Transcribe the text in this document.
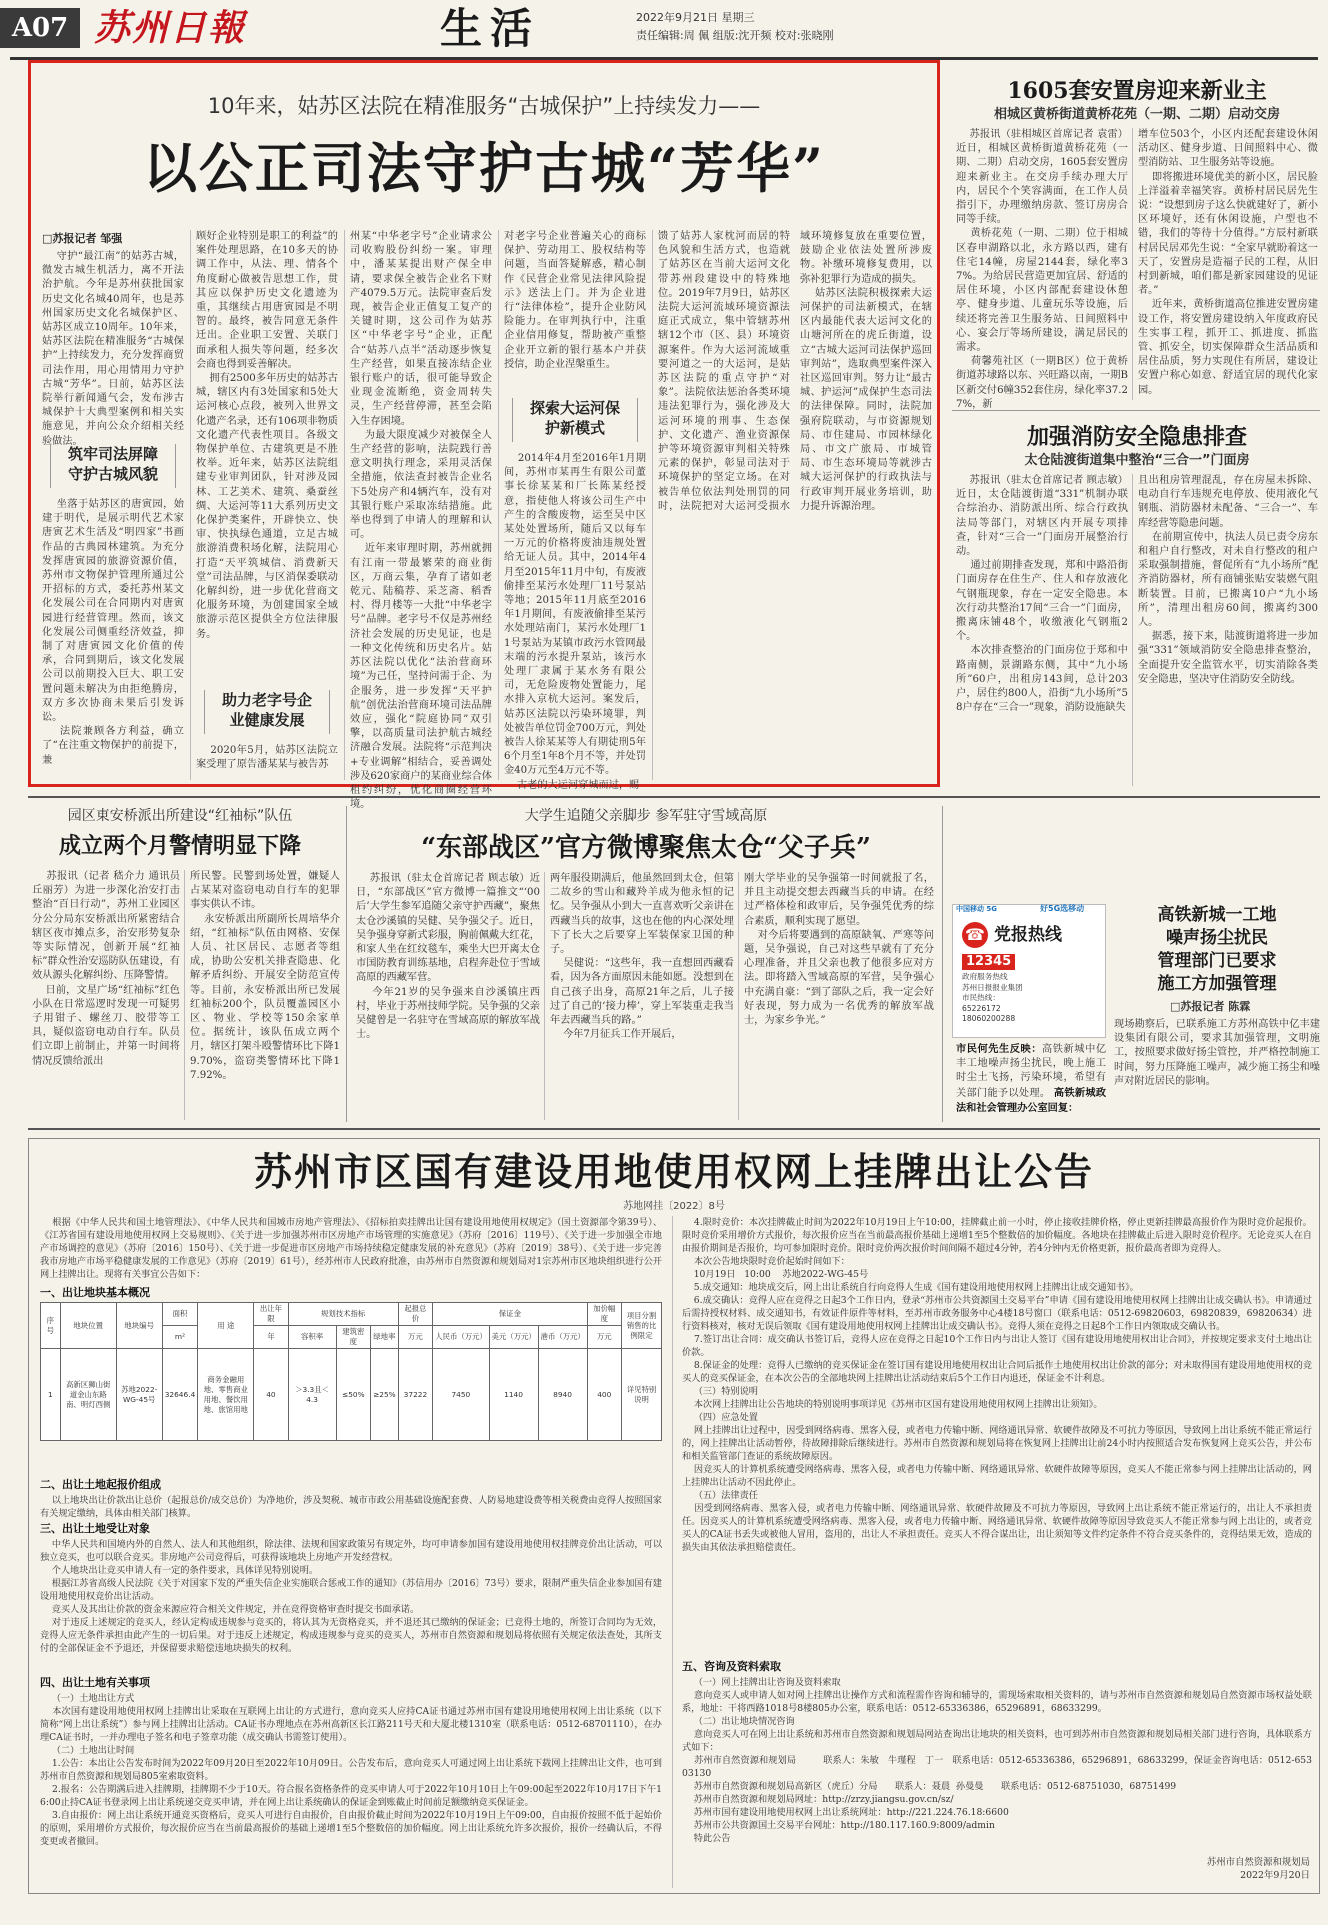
A07 苏州日報	生活	2022年9月21日 星期三
责任编辑:周 佩 组版:沈开频 校对:张晓刚
10年来，姑苏区法院在精准服务“古城保护”上持续发力——
以公正司法守护古城“芳华”
□苏报记者 邹强
守护“最江南”的姑苏古城，微发古城生机活力，离不开法治护航。今年是苏州获批国家历史文化名城40周年，也是苏州国家历史文化名城保护区、姑苏区成立10周年。10年来，姑苏区法院在精准服务“古城保护”上持续发力，充分发挥商贸司法作用，用心用情用力守护古城“芳华”。日前，姑苏区法院举行新闻通气会，发布涉古城保护十大典型案例和相关实施意见，并向公众介绍相关经验做法。
筑牢司法屏障
守护古城风貌
坐落于姑苏区的唐寅园，始建于明代，是展示明代艺术家唐寅艺术生活及“明四家”书画作品的古典园林建筑。为充分发挥唐寅园的旅游资源价值，苏州市文物保护管理所通过公开招标的方式，委托苏州某文化发展公司在合同期内对唐寅园进行经营管理。然而，该文化发展公司侧重经济效益，抑制了对唐寅园文化价值的传承，合同到期后，该文化发展公司以前期投入巨大、职工安置问题未解决为由拒绝腾房，双方多次协商未果后引发诉讼。
法院兼顾各方利益，确立了“在注重文物保护的前提下，兼
顾好企业特别是职工的利益”的案件处理思路，在10多天的协调工作中，从法、理、情各个角度耐心做被告思想工作，贯其应以保护历史文化遗迹为重，其继续占用唐寅园是不明智的。最终，被告同意无条件迁出。企业职工安置、关联门面承租人损失等问题，经多次会商也得到妥善解决。
拥有2500多年历史的姑苏古城，辖区内有3处国家和5处大运河核心点段，被列入世界文化遗产名录，还有106项非物质文化遗产代表性项目。各级文物保护单位、古建筑更是不胜枚举。近年来，姑苏区法院组建专业审判团队，针对涉及园林、工艺美术、建筑、桑蚕丝绸、大运河等11大系列历史文化保护类案件，开辟快立、快审、快执绿色通道，立足古城旅游消费积场化解，法院用心打造“天平筑城信、消费新天堂”司法品牌，与区消保委联动化解纠纷，进一步优化营商文化服务环境，为创建国家全域旅游示范区提供全方位法律服务。
助力老字号企
业健康发展
2020年5月，姑苏区法院立案受理了原告潘某某与被告苏
州某“中华老字号”企业请求公司收购股份纠纷一案。审理中，潘某某提出财产保全申请，要求保全被告企业名下财产4079.5万元。法院审查后发现，被告企业正值复工复产的关键时期，这公司作为姑苏区“中华老字号”企业，正配合“姑苏八点半”活动逐步恢复生产经营，如果直接冻结企业银行账户的话，很可能导致企业现金流断绝，资金周转失灵，生产经营停滞，甚至会陷入生存困境。
为最大限度减少对被保全人生产经营的影响，法院践行善意文明执行理念，采用灵活保全措施，依法查封被告企业名下5处房产和4辆汽车，没有对其银行账户采取冻结措施。此举也得到了申请人的理解和认可。
近年来审理时期，苏州就拥有江南一带最繁荣的商业街区，万商云集，孕育了诸如老乾元、陆稿荐、采芝斋、稻香村、得月楼等一大批“中华老字号”品牌。老字号不仅是苏州经济社会发展的历史见证，也是一种文化传统和历史名片。姑苏区法院以优化“法治营商环境”为己任，坚持问需于企、为企服务，进一步发挥“天平护航”创优法治营商环境司法品牌效应，强化“院庭协同”双引擎，以高质量司法护航古城经济融合发展。法院将“示范判决+专业调解”相结合，妥善调处涉及620家商户的某商业综合体租约纠纷，优化商圈经营环境。
对老字号企业普遍关心的商标保护、劳动用工、股权结构等问题，当面答疑解惑，精心制作《民营企业常见法律风险提示》送法上门。并为企业进行“法律体检”，提升企业防风险能力。在审判执行中，注重企业信用修复，帮助被产重整企业开立新的银行基本户并获授信，助企业涅槃重生。
探索大运河保
护新模式
2014年4月至2016年1月期间，苏州市某再生有限公司董事长徐某某和厂长陈某经授意，指使他人将该公司生产中产生的含酸废物，运至吴中区某处处置场所，随后又以每车一万元的价格将废油违规处置给无证人员。其中，2014年4月至2015年11月中旬，有废液偷排至某污水处理厂11号泵站等地；2015年11月底至2016年1月期间，有废液偷排至某污水处理站南门，某污水处理厂11号泵站为某镇市政污水管网最末端的污水提升泵站，该污水处理厂隶属于某水务有限公司，无危险废物处置能力，尾水排入京杭大运河。案发后，姑苏区法院以污染环境罪，判处被告单位罚金700万元，判处被告人徐某某等人有期徒刑5年6个月至1年8个月不等，并处罚金40万元至4万元不等。
古老的大运河穿城而过，赐
馈了姑苏人家枕河而居的特色风貌和生活方式，也造就了姑苏区在当前大运河文化带苏州段建设中的特殊地位。2019年7月9日，姑苏区法院大运河流域环境资源法庭正式成立，集中管辖苏州辖12个市（区、县）环境资源案件。作为大运河流域重要河道之一的大运河，是姑苏区法院的重点守护“对象”。法院依法惩治各类环境违法犯罪行为，强化涉及大运河环境的刑事、生态保护、文化遗产、渔业资源保护等环境资源审判相关特殊元素的保护，彰显司法对于环境保护的坚定立场。在对被告单位依法判处刑罚的同时，法院把对大运河受损水域环境修复放在重要位置，鼓励企业依法处置所涉废物。补缴环境修复费用，以弥补犯罪行为造成的损失。
姑苏区法院积极探索大运河保护的司法新模式，在辖区内最能代表大运河文化的山塘河所在的虎丘街道，设立“古城大运河司法保护巡回审判站”，选取典型案件深入社区巡回审判。努力让“最古城、护运河”成保护生态司法的法律保障。同时，法院加强府院联动，与市资源规划局、市住建局、市园林绿化局、市文广旅局、市城管局、市生态环境局等就涉古城大运河保护的行政执法与行政审判开展业务培训，助力提升诉源治理。
1605套安置房迎来新业主
相城区黄桥街道黄桥花苑（一期、二期）启动交房
苏报讯（驻相城区首席记者 袁雷）近日，相城区黄桥街道黄桥花苑（一期、二期）启动交房，1605套安置房迎来新业主。在交房手续办理大厅内，居民个个笑容满面，在工作人员指引下，办理缴纳房款、签订房房合同等手续。
黄桥花苑（一期、二期）位于相城区春申湖路以北，永方路以西，建有住宅14幢，房屋2144套，绿化率37%。为给居民营造更加宜居、舒适的居住环境，小区内部配套建设休憩亭、健身步道、儿童玩乐等设施，后续还将完善卫生服务站、日间照料中心、宴会厅等场所建设，满足居民的需求。
荷馨苑社区（一期B区）位于黄桥街道苏埭路以东、兴旺路以南，一期B区新交付6幢352套住房，绿化率37.27%，新
增车位503个，小区内还配套建设休闲活动区、健身步道、日间照料中心、微型消防站、卫生服务站等设施。
即将搬进环境优美的新小区，居民脸上洋溢着幸福笑容。黄桥村居民居先生说：“设想到房子这么快就建好了，新小区环境好，还有休闲设施，户型也不错，我们的等待十分值得。”方辰村新联村居民居邓先生说：“全家早就盼着这一天了，安置房是造福子民的工程，从旧村到新城，咱们都是新家园建设的见证者。”
近年来，黄桥街道高位推进安置房建设工作，将安置房建设纳入年度政府民生实事工程，抓开工、抓进度、抓监管、抓安全，切实保障群众生活品质和居住品质，努力实现住有所居，建设让安置户称心如意、舒适宜居的现代化家园。
加强消防安全隐患排查
太仓陆渡街道集中整治“三合一”门面房
苏报讯（驻太仓首席记者 顾志敏）近日，太仓陆渡街道“331”机制办联合综治办、消防派出所、综合行政执法局等部门，对辖区内开展专项排查，针对“三合一”门面房开展整治行动。
通过前期排查发现，郑和中路沿街门面房存在住生产、住人和存放液化气钢瓶现象，存在一定安全隐患。本次行动共整治17间“三合一”门面房，搬离床铺48个，收缴液化气钢瓶2个。
本次排查整治的门面房位于郑和中路南侧，景湖路东侧，其中“九小场所”60户，出租房143间，总计203户，居住约800人，沿街“九小场所”58户存在“三合一”现象，消防设施缺失
且出租房管理混乱，存在房屋未拆除、电动自行车违规充电停放、使用液化气钢瓶、消防器材未配备、“三合一”、车库经营等隐患问题。
在前期宣传中，执法人员已责令房东和租户自行整改，对未自行整改的租户采取强制措施，督促所有“九小场所”配齐消防器材，所有商铺张贴安装燃气阻断装置。目前，已搬离10户“九小场所”，清理出租房60间，搬离约300人。
据悉，接下来，陆渡街道将进一步加强“331”领域消防安全隐患排查整治，全面提升安全监管水平，切实消除各类安全隐患，坚决守住消防安全防线。
园区東安桥派出所建设“红袖标”队伍
成立两个月警情明显下降
苏报讯（记者 嵇介力 通讯员 丘丽芳）为进一步深化治安打击整治“百日行动”，苏州工业园区分公分局东安桥派出所紧密结合辖区夜市摊点多，治安形势复杂等实际情况，创新开展“红袖标”群众性治安巡防队伍建设，有效从源头化解纠纷、压降警情。
日前，文星广场“红袖标”红色小队在日常巡逻时发现一可疑男子用钳子、螺丝刀、胶带等工具，疑似盗窃电动自行车。队员们立即上前制止，并第一时间将情况反馈给派出
所民警。民警到场处置，嫌疑人占某某对盗窃电动自行车的犯罪事实供认不讳。
永安桥派出所副所长周培华介绍，“红袖标”队伍由网格、安保人员、社区居民、志愿者等组成，协助公安机关排查隐患、化解矛盾纠纷、开展安全防范宣传等。目前，永安桥派出所已发展红袖标200个，队员覆盖园区小区、物业、学校等150余家单位。据统计，该队伍成立两个月，辖区打架斗殴警情环比下降19.70%，盗窃类警情环比下降17.92%。
大学生追随父亲脚步 参军驻守雪域高原
“东部战区”官方微博聚焦太仓“父子兵”
苏报讯（驻太仓首席记者 顾志敏）近日，“东部战区”官方微博一篇推文“‘00后’大学生参军追随父亲守护西藏”，聚焦太仓沙溪镇的吴健、吴争强父子。近日，吴争强身穿新式彩服，胸前佩戴大红花，和家人坐在红纹毯车，乘坐大巴开离太仓市国防教育训练基地，启程奔赴位于雪域高原的西藏军营。
今年21岁的吴争强来自沙溪镇庄西村，毕业于苏州技师学院。吴争强的父亲吴健曾是一名驻守在雪域高原的解放军战士。
两年服役期满后，他虽然回到太仓，但第二故乡的雪山和藏羚羊成为他永恒的记忆。吴争强从小到大一直喜欢听父亲讲在西藏当兵的故事，这也在他的内心深处埋下了长大之后要穿上军装保家卫国的种子。
吴健说：“这些年，我一直想回西藏看看，因为各方面原因未能如愿。没想到在自己孩子出身，高原21年之后，儿子接过了自己的‘接力棒’，穿上军装重走我当年去西藏当兵的路。”
今年7月征兵工作开展后，
刚大学毕业的吴争强第一时间就报了名，并且主动提交想去西藏当兵的申请。在经过严格体检和政审后，吴争强凭优秀的综合素质，顺利实现了愿望。
对今后将要遇到的高原缺氧、严寒等问题，吴争强说，自己对这些早就有了充分心理准备，并且父亲也教了他很多应对方法。即将踏入雪域高原的军营，吴争强心中充满自豪：“到了部队之后，我一定会好好表现，努力成为一名优秀的解放军战士，为家乡争光。”
中国移动 5G	好5G选移动
☎ 党报热线
12345
政府服务热线
苏州日报报业集团
市民热线：
65226172
18060200288
高铁新城一工地
噪声扬尘扰民
管理部门已要求
施工方加强管理
□苏报记者 陈霖
市民何先生反映：高铁新城中亿丰工地噪声扬尘扰民，晚上施工时尘土飞扬，污染环境，希望有关部门能予以处理。 高铁新城政法和社会管理办公室回复：
现场勘察后，已联系施工方苏州高铁中亿丰建设集团有限公司，要求其加强管理，文明施工，按照要求做好扬尘管控，并严格控制施工时间，努力压降施工噪声，减少施工扬尘和噪声对附近居民的影响。
苏州市区国有建设用地使用权网上挂牌出让公告
苏地网挂〔2022〕8号
根据《中华人民共和国土地管理法》、《中华人民共和国城市房地产管理法》、《招标拍卖挂牌出让国有建设用地使用权规定》（国土资源部令第39号）、《江苏省国有建设用地使用权网上交易规则》、《关于进一步加强苏州市区房地产市场管理的实施意见》（苏府〔2016〕119号）、《关于进一步加强全市地产市场调控的意见》（苏府〔2016〕150号）、《关于进一步促进市区房地产市场持续稳定健康发展的补充意见》（苏府〔2019〕38号）、《关于进一步完善我市房地产市场平稳健康发展的工作意见》（苏府〔2019〕61号），经苏州市人民政府批准，由苏州市自然资源和规划局对1宗苏州市区地块组织进行公开网上挂牌出让。现将有关事宜公告如下：
一、出让地块基本概况
序号	地块位置	地块编号	面积	用 途	出让年限	规划技术指标			起报总价	保证金			加价幅度	项目分割销售的比例限定
			m²		年	容积率	建筑密度	绿地率	万元	人民币（万元）	美元（万元）	港币（万元）	万元	
1	高新区狮山街道金山东路南、明灯西侧	苏地2022-WG-45号	32646.4	商务金融用地、零售商业用地、餐饮用地、旅馆用地	40	＞3.3且＜4.3	≤50%	≥25%	37222	7450	1140	8940	400	详见特别说明
二、出让土地起报价组成
以上地块出让价款出让总价（起报总价/成交总价）为净地价，涉及契税、城市市政公用基础设施配套费、人防易地建设费等相关税费由竞得人按照国家有关规定缴纳，具体由相关部门核算。
三、出让土地受让对象
中华人民共和国境内外的自然人、法人和其他组织，除法律、法规和国家政策另有规定外，均可申请参加国有建设用地使用权挂牌竞价出让活动，可以独立竞买，也可以联合竞买。非房地产公司竞得后，可获得该地块上房地产开发经营权。
个人地块出让竞买申请人有一定的条件要求，具体详见特别说明。
根据江苏省高级人民法院《关于对国家下发的严重失信企业实施联合惩戒工作的通知》（苏信用办〔2016〕73号）要求，限制严重失信企业参加国有建设用地使用权竞价出让活动。
竞买人及其出让价款的资金来源应符合相关文件规定，并在竞得资格审查时提交书面承诺。
对于违反上述规定的竞买人，经认定构成违规参与竞买的，将认其为无资格竞买，并不退还其已缴纳的保证金；已竞得土地的，所签订合同均为无效，竞得人应无条件承担由此产生的一切后果。对于违反上述规定，构成违规参与竞买的竞买人，苏州市自然资源和规划局将依照有关规定依法查处，其所支付的全部保证金不予退还，并保留要求赔偿违地块损失的权利。
四、出让土地有关事项
（一）土地出让方式
本次国有建设用地使用权网上挂牌出让采取在互联网上出让的方式进行，意向竞买人应持CA证书通过苏州市国有建设用地使用权网上出让系统（以下简称“网上出让系统”）参与网上挂牌出让活动。CA证书办理地点在苏州高新区长江路211号天和大厦北楼1310室（联系电话：0512-68701110），在办理CA证书时，一并办理电子签名和电子签章功能（成交确认书需签订使用）。
（二）土地出让时间
1.公告：本出让公告发布时间为2022年09月20日至2022年10月09日。公告发布后，意向竞买人可通过网上出让系统下载网上挂牌出让文件，也可到苏州市自然资源和规划局805室索取资料。
2.报名：公告期满后进入挂牌期，挂牌期不少于10天。符合报名资格条件的竞买申请人可于2022年10月10日上午09:00起至2022年10月17日下午16:00止持CA证书登录网上出让系统递交竞买申请，并在网上出让系统确认的保证金到账截止时间前足额缴纳竞买保证金。
3.自由报价：网上出让系统开通竞买资格后，竞买人可进行自由报价，自由报价截止时间为2022年10月19日上午09:00，自由报价按照不低于起始价的原则，采用增价方式报价，每次报价应当在当前最高报价的基础上递增1至5个整数倍的加价幅度。网上出让系统允许多次报价，报价一经确认后，不得变更或者撤回。
4.限时竞价：本次挂牌截止时间为2022年10月19日上午10:00，挂牌截止前一小时，停止接收挂牌价格，停止更新挂牌最高报价作为限时竞价起报价。限时竞价采用增价方式报价，每次报价应当在当前最高报价基础上递增1至5个整数倍的加价幅度。各地块在挂牌截止后进入限时竞价程序。无论竞买人在自由报价期间是否报价，均可参加限时竞价。限时竞价两次报价时间间隔不超过4分钟，若4分钟内无价格更新，报价最高者即为竞得人。
本次公告地块限时竞价起始时间如下：
10月19日   10:00    苏地2022-WG-45号
5.成交通知：地块成交后，网上出让系统自行向竞得人生成《国有建设用地使用权网上挂牌出让成交通知书》。
6.成交确认：竞得人应在竞得之日起3个工作日内，登录“苏州市公共资源国土交易平台”申请《国有建设用地使用权网上挂牌出让成交确认书》。申请通过后需持授权材料、成交通知书，有效证件原件等材料，至苏州市政务服务中心4楼18号窗口（联系电话：0512-69820603，69820839，69820634）进行资料核对，核对无误后领取《国有建设用地使用权网上挂牌出让成交确认书》。竞得人须在竞得之日起8个工作日内领取成交确认书。
7.签订出让合同：成交确认书签订后，竞得人应在竞得之日起10个工作日内与出让人签订《国有建设用地使用权出让合同》，并按规定要求支付土地出让价款。
8.保证金的处理：竞得人已缴纳的竞买保证金在签订国有建设用地使用权出让合同后抵作土地使用权出让价款的部分；对未取得国有建设用地使用权的竞买人的竞买保证金，在本次公告的全部地块网上挂牌出让活动结束后5个工作日内退还，保证金不计利息。
（三）特别说明
本次网上挂牌出让公告地块的特别说明事项详见《苏州市区国有建设用地使用权网上挂牌出让须知》。
（四）应急处置
网上挂牌出让过程中，因受到网络病毒、黑客入侵，或者电力传输中断、网络通讯异常、软硬件故障及不可抗力等原因，导致网上出让系统不能正常运行的，网上挂牌出让活动暂停，待故障排除后继续进行。苏州市自然资源和规划局将在恢复网上挂牌出让前24小时内按照适合发布恢复网上竞买公告，并公布和相关监管部门查证的系统故障原因。
因竞买人的计算机系统遭受网络病毒、黑客入侵，或者电力传输中断、网络通讯异常、软硬件故障等原因，竞买人不能正常参与网上挂牌出让活动的，网上挂牌出让活动不因此停止。
（五）法律责任
因受到网络病毒、黑客入侵，或者电力传输中断、网络通讯异常、软硬件故障及不可抗力等原因，导致网上出让系统不能正常运行的，出让人不承担责任。因竞买人的计算机系统遭受网络病毒、黑客入侵，或者电力传输中断、网络通讯异常、软硬件故障等原因导致竞买人不能正常参与网上出让的，或者竞买人的CA证书丢失或被他人冒用，盗用的，出让人不承担责任。竞买人不得合谋出让，出让须知等文件约定条件不符合竞买条件的，竞得结果无效，造成的损失由其依法承担赔偿责任。
五、咨询及资料索取
（一）网上挂牌出让咨询及资料索取
意向竞买人或申请人如对网上挂牌出让操作方式和流程需作咨询和辅导的，需现场索取相关资料的，请与苏州市自然资源和规划局自然资源市场权益处联系，地址：干将西路1018号8楼805办公室，联系电话：0512-65336386，65296891，68633299。
（二）出让地块情况咨询
意向竞买人可在网上出让系统和苏州市自然资源和规划局网站查询出让地块的相关资料，也可到苏州市自然资源和规划局相关部门进行咨询，具体联系方式如下：
苏州市自然资源和规划局         联系人：朱敏   牛瑾程   丁一   联系电话：0512-65336386，65296891，68633299，保证金咨询电话：0512-65303130
苏州市自然资源和规划局高新区（虎丘）分局      联系人：聂晨  孙曼曼      联系电话：0512-68751030，68751499
苏州市自然资源和规划局网址：http://zrzy.jiangsu.gov.cn/sz/
苏州市国有建设用地使用权网上出让系统网址：http://221.224.76.18:6600
苏州市公共资源国土交易平台网址：http://180.117.160.9:8009/admin
特此公告
苏州市自然资源和规划局
2022年9月20日
